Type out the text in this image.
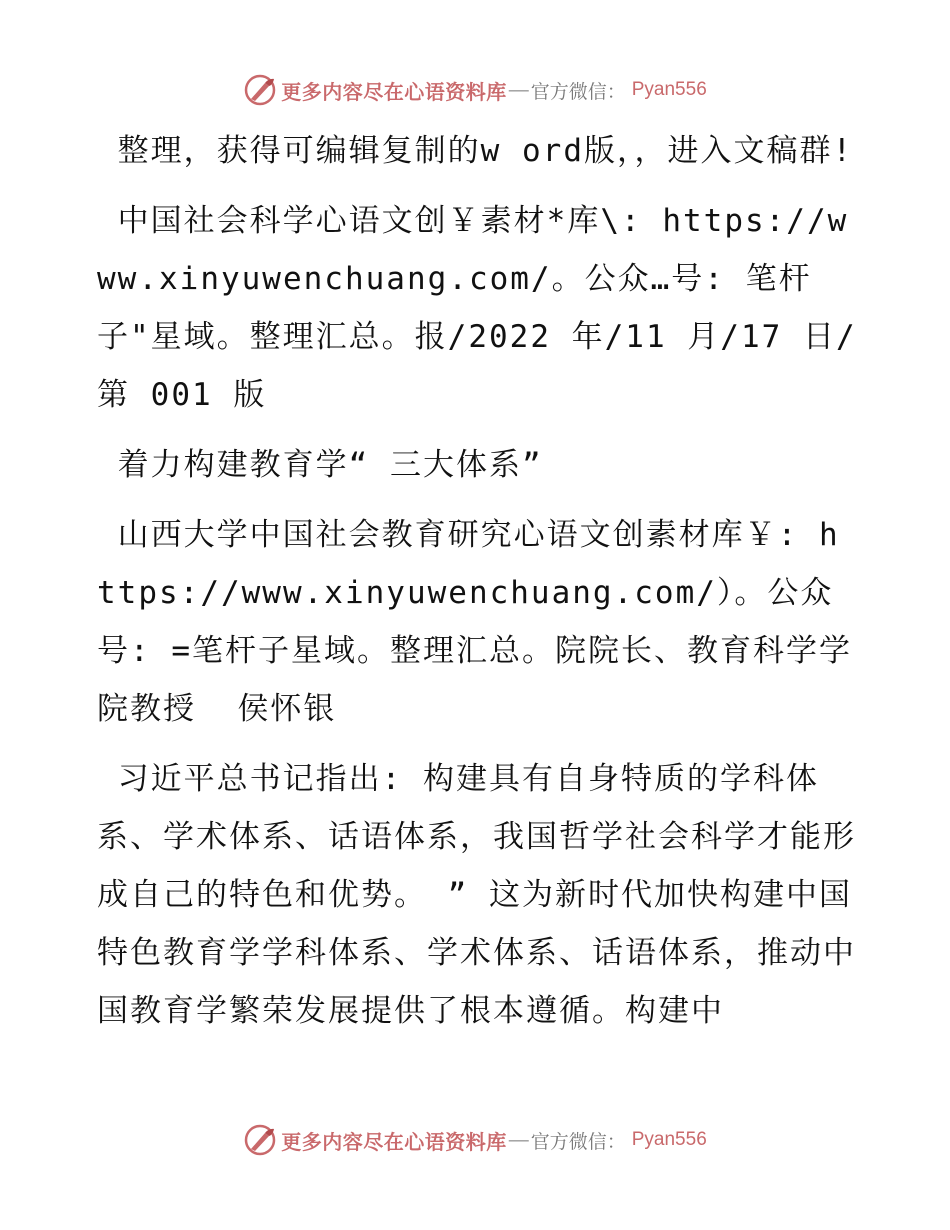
更多内容尽在心语资料库 — 官方微信： Pyan556

整理，获得可编辑复制的w ord版，，进入文稿群!

中国社会科学心语文创￥素材*库\: https://www.xinyuwenchuang.com/。公众…号: 笔杆子"星域。整理汇总。报/2022 年/11 月/17 日/第 001 版

着力构建教育学“ 三大体系”

山西大学中国社会教育研究心语文创素材库￥: https://www.xinyuwenchuang.com/）。公众号: =笔杆子星域。整理汇总。院院长、教育科学学院教授  侯怀银

习近平总书记指出: 构建具有自身特质的学科体系、学术体系、话语体系，我国哲学社会科学才能形成自己的特色和优势。 ” 这为新时代加快构建中国特色教育学学科体系、学术体系、话语体系，推动中国教育学繁荣发展提供了根本遵循。构建中

更多内容尽在心语资料库 — 官方微信： Pyan556
